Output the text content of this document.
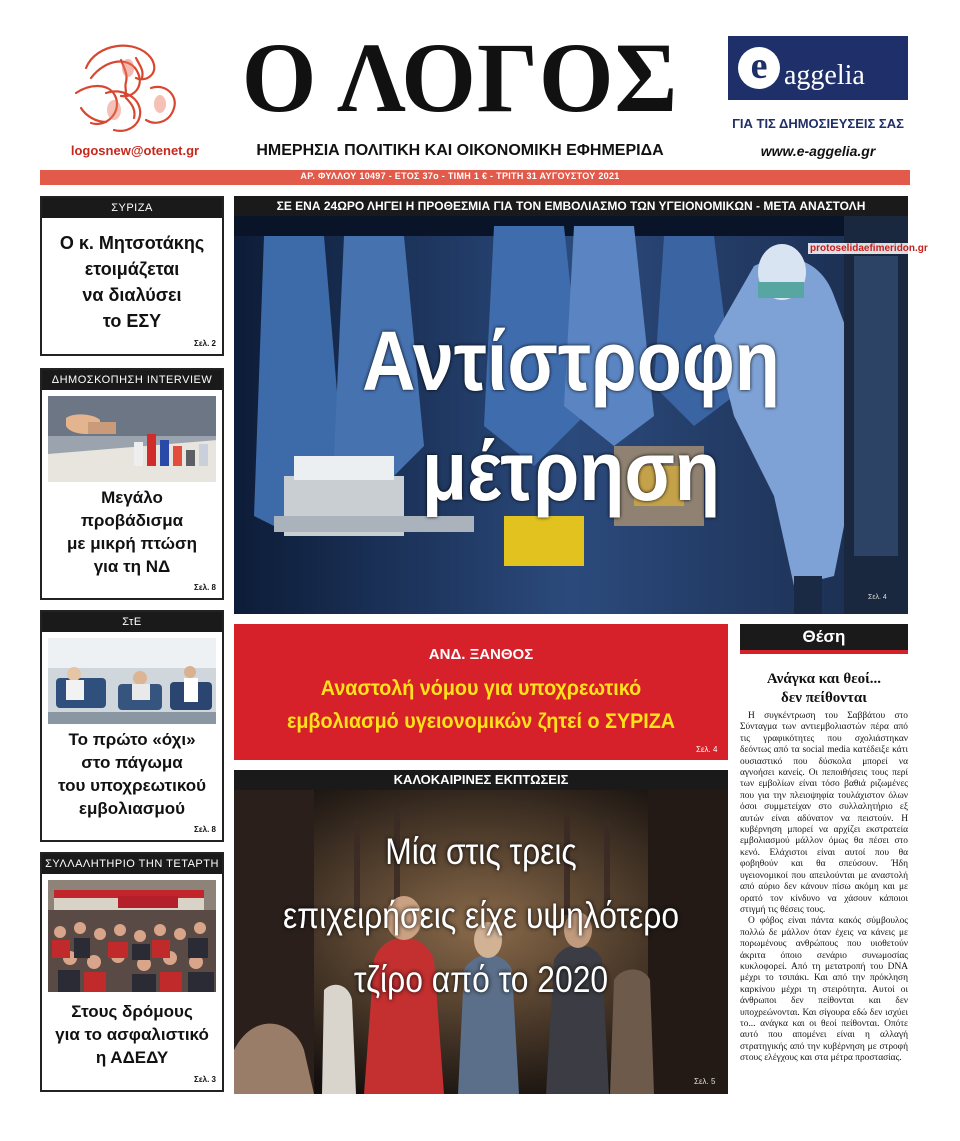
logosnew@otenet.gr
Ο ΛΟΓΟΣ
ΗΜΕΡΗΣΙΑ ΠΟΛΙΤΙΚΗ ΚΑΙ ΟΙΚΟΝΟΜΙΚΗ ΕΦΗΜΕΡΙΔΑ
e aggelia
ΓΙΑ ΤΙΣ ΔΗΜΟΣΙΕΥΣΕΙΣ ΣΑΣ
www.e-aggelia.gr
ΑΡ. ΦΥΛΛΟΥ 10497 - ΕΤΟΣ 37ο - ΤΙΜΗ 1 € - ΤΡΙΤΗ 31 ΑΥΓΟΥΣΤΟΥ 2021
ΣΥΡΙΖΑ
Ο κ. Μητσοτάκης
ετοιμάζεται
να διαλύσει
το ΕΣΥ
Σελ. 2
ΔΗΜΟΣΚΟΠΗΣΗ INTERVIEW
Μεγάλο
προβάδισμα
με μικρή πτώση
για τη ΝΔ
Σελ. 8
ΣτΕ
Το πρώτο «όχι»
στο πάγωμα
του υποχρεωτικού
εμβολιασμού
Σελ. 8
ΣΥΛΛΑΛΗΤΗΡΙΟ ΤΗΝ ΤΕΤΑΡΤΗ
Στους δρόμους
για το ασφαλιστικό
η ΑΔΕΔΥ
Σελ. 3
ΣΕ ΕΝΑ 24ΩΡΟ ΛΗΓΕΙ Η ΠΡΟΘΕΣΜΙΑ ΓΙΑ ΤΟΝ ΕΜΒΟΛΙΑΣΜΟ ΤΩΝ ΥΓΕΙΟΝΟΜΙΚΩΝ - ΜΕΤΑ ΑΝΑΣΤΟΛΗ
Αντίστροφη
μέτρηση
protoselidaefimeridon.gr
Σελ. 4
ΑΝΔ. ΞΑΝΘΟΣ
Αναστολή νόμου για υποχρεωτικό
εμβολιασμό υγειονομικών ζητεί ο ΣΥΡΙΖΑ
Σελ. 4
ΚΑΛΟΚΑΙΡΙΝΕΣ ΕΚΠΤΩΣΕΙΣ
Μία στις τρεις
επιχειρήσεις είχε υψηλότερο
τζίρο από το 2020
Σελ. 5
Θέση
Ανάγκα και θεοί...
δεν πείθονται

Η συγκέντρωση του Σαββάτου στο Σύνταγμα των αντιεμβολιαστών πέρα από τις γραφικότητες που σχολιάστηκαν δεόντως από τα social media κατέδειξε κάτι ουσιαστικό που δύσκολα μπορεί να αγνοήσει κανείς. Οι πεποιθήσεις τους περί των εμβολίων είναι τόσο βαθιά ριζωμένες που για την πλειοψηφία τουλάχιστον όλων όσοι συμμετείχαν στο συλλαλητήριο εξ αυτών είναι αδύνατον να πειστούν. Η κυβέρνηση μπορεί να αρχίζει εκστρατεία εμβολιασμού μάλλον όμως θα πέσει στο κενό. Ελάχιστοι είναι αυτοί που θα φοβηθούν και θα σπεύσουν. Ήδη υγειονομικοί που απειλούνται με αναστολή από αύριο δεν κάνουν πίσω ακόμη και με ορατό τον κίνδυνο να χάσουν κάποιοι στιγμή τις θέσεις τους.

Ο φόβος είναι πάντα κακός σύμβουλος πολλώ δε μάλλον όταν έχεις να κάνεις με πορωμένους ανθρώπους που υιοθετούν άκριτα όποιο σενάριο συνωμοσίας κυκλοφορεί. Από τη μετατροπή του DNA μέχρι το τσιπάκι. Και από την πρόκληση καρκίνου μέχρι τη στειρότητα. Αυτοί οι άνθρωποι δεν πείθονται και δεν υποχρεώνονται. Και σίγουρα εδώ δεν ισχύει το... ανάγκα και οι θεοί πείθονται. Οπότε αυτό που απομένει είναι η αλλαγή στρατηγικής από την κυβέρνηση με στροφή στους ελέγχους και στα μέτρα προστασίας.
